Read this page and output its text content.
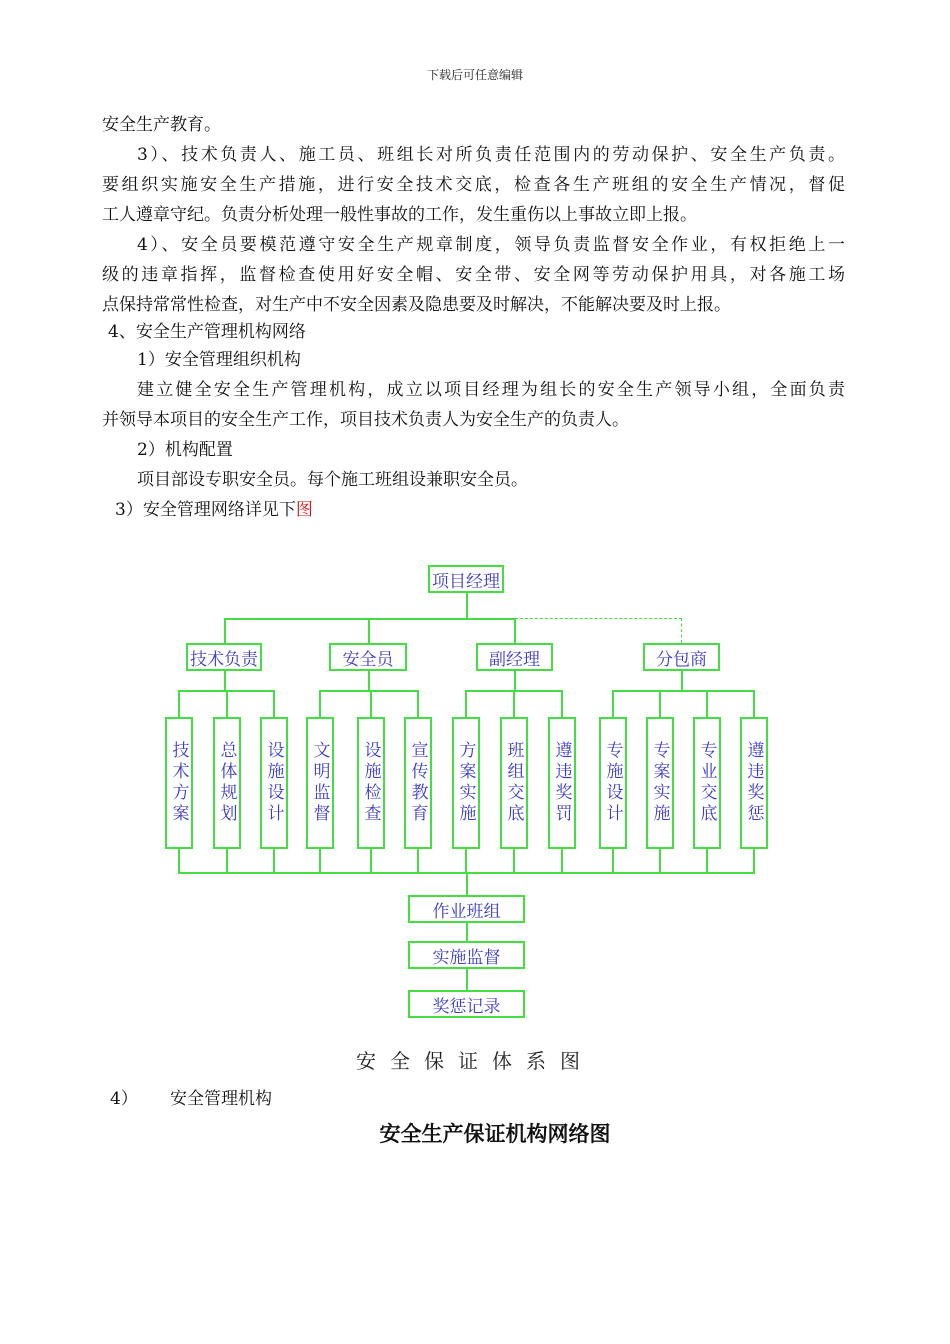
下载后可任意编辑
安全生产教育。
3）、技术负责人、施工员、班组长对所负责任范围内的劳动保护、安全生产负责。
要组织实施安全生产措施，进行安全技术交底，检查各生产班组的安全生产情况，督促
工人遵章守纪。负责分析处理一般性事故的工作，发生重伤以上事故立即上报。
4）、安全员要模范遵守安全生产规章制度，领导负责监督安全作业，有权拒绝上一
级的违章指挥，监督检查使用好安全帽、安全带、安全网等劳动保护用具，对各施工场
点保持常常性检查，对生产中不安全因素及隐患要及时解决，不能解决要及时上报。
4、安全生产管理机构网络
1）安全管理组织机构
建立健全安全生产管理机构，成立以项目经理为组长的安全生产领导小组，全面负责
并领导本项目的安全生产工作，项目技术负责人为安全生产的负责人。
2）机构配置
项目部设专职安全员。每个施工班组设兼职安全员。
3）安全管理网络详见下图
项目经理
技术负责	安全员	副经理	分包商
技术方案 总体规划 设施设计 文明监督 设施检查 宣传教育 方案实施 班组交底 遵违奖罚 专施设计 专案实施 专业交底 遵违奖惩
作业班组
实施监督
奖惩记录
安全保证体系图
4） 安全管理机构
安全生产保证机构网络图
